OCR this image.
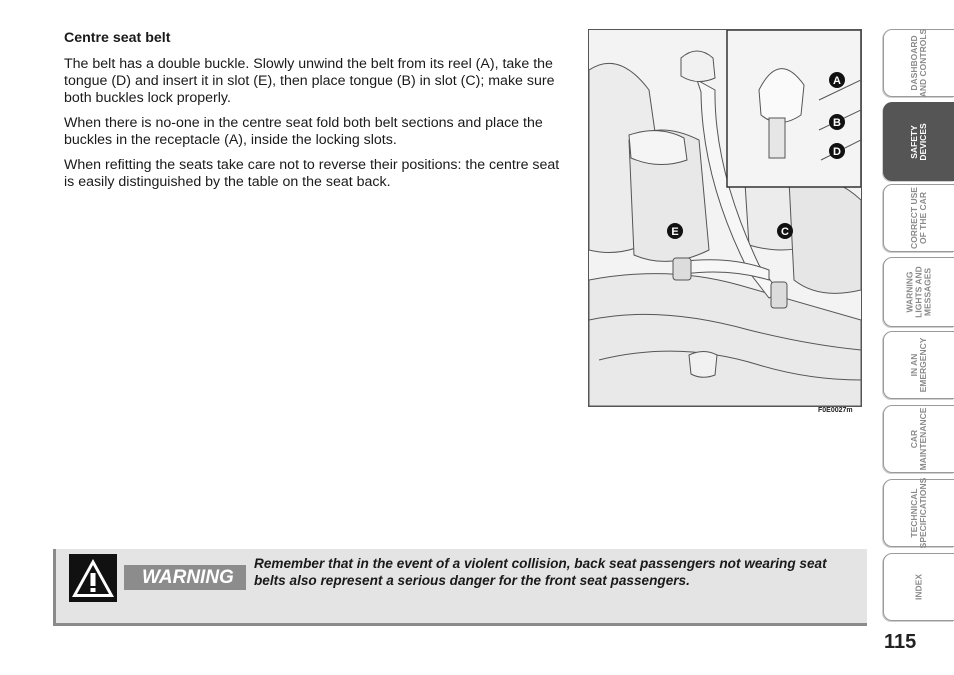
Centre seat belt

The belt has a double buckle. Slowly unwind the belt from its reel (A), take the tongue (D) and insert it in slot (E), then place tongue (B) in slot (C); make sure both buckles lock properly.

When there is no-one in the centre seat fold both belt sections and place the buckles in the receptacle (A), inside the locking slots.

When refitting the seats take care not to reverse their positions: the centre seat is easily distinguished by the table on the seat back.

A
B
D
E	C
F0E0027m
WARNING
Remember that in the event of a violent collision, back seat passengers not wearing seat belts also represent a serious danger for the front seat passengers.
DASHBOARD
AND CONTROLS
SAFETY
DEVICES
CORRECT USE
OF THE CAR
WARNING
LIGHTS AND
MESSAGES
IN AN
EMERGENCY
CAR
MAINTENANCE
TECHNICAL
SPECIFICATIONS
INDEX
115
